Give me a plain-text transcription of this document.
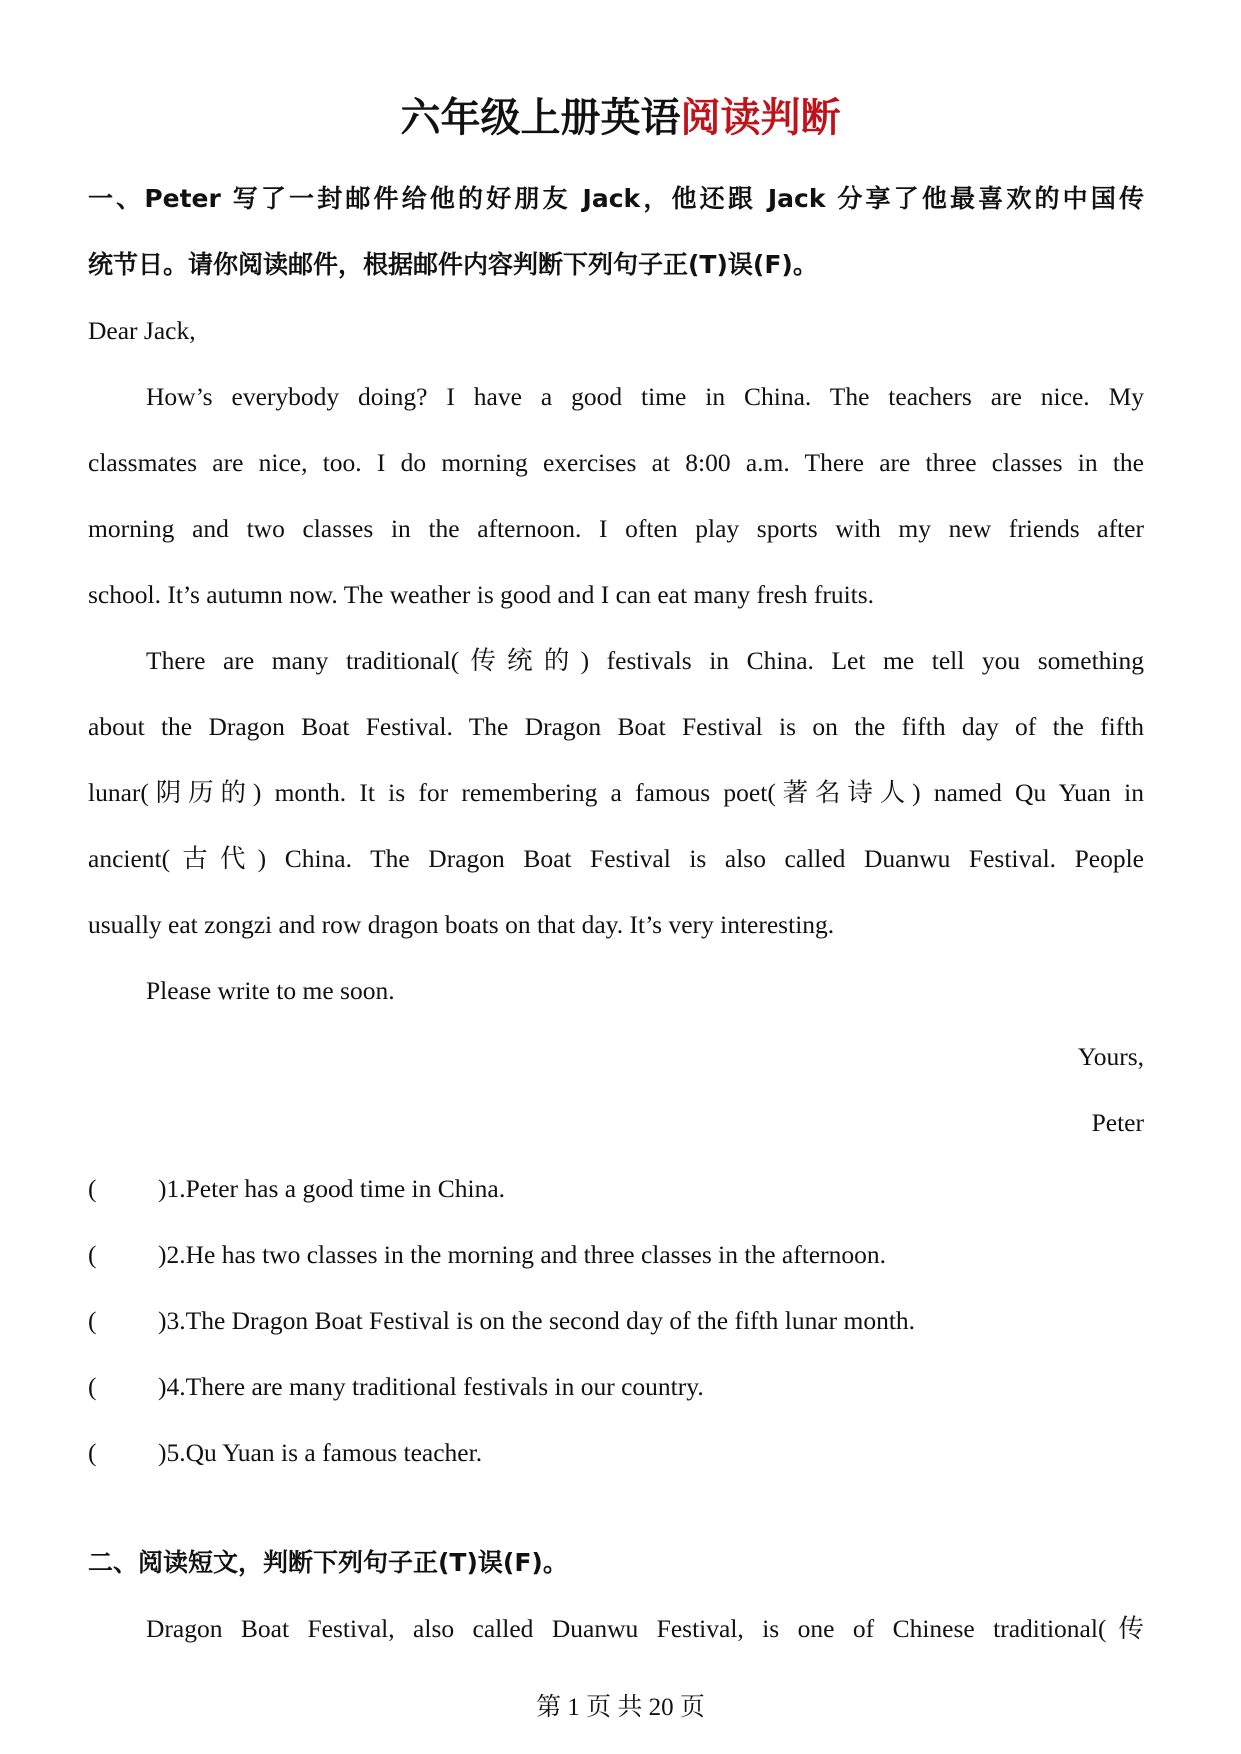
六年级上册英语阅读判断

一、Peter 写了一封邮件给他的好朋友 Jack，他还跟 Jack 分享了他最喜欢的中国传

统节日。请你阅读邮件，根据邮件内容判断下列句子正(T)误(F)。

Dear Jack,

How’s everybody doing? I have a good time in China. The teachers are nice. My

classmates are nice, too. I do morning exercises at 8:00 a.m. There are three classes in the

morning and two classes in the afternoon. I often play sports with my new friends after

school. It’s autumn now. The weather is good and I can eat many fresh fruits.

There are many traditional(传统的) festivals in China. Let me tell you something

about the Dragon Boat Festival. The Dragon Boat Festival is on the fifth day of the fifth

lunar(阴历的) month. It is for remembering a famous poet(著名诗人) named Qu Yuan in

ancient(古代) China. The Dragon Boat Festival is also called Duanwu Festival. People

usually eat zongzi and row dragon boats on that day. It’s very interesting.

Please write to me soon.

Yours,

Peter

( )1.Peter has a good time in China.

( )2.He has two classes in the morning and three classes in the afternoon.

( )3.The Dragon Boat Festival is on the second day of the fifth lunar month.

( )4.There are many traditional festivals in our country.

( )5.Qu Yuan is a famous teacher.

二、阅读短文，判断下列句子正(T)误(F)。

Dragon Boat Festival, also called Duanwu Festival, is one of Chinese traditional(传

第 1 页 共 20 页
